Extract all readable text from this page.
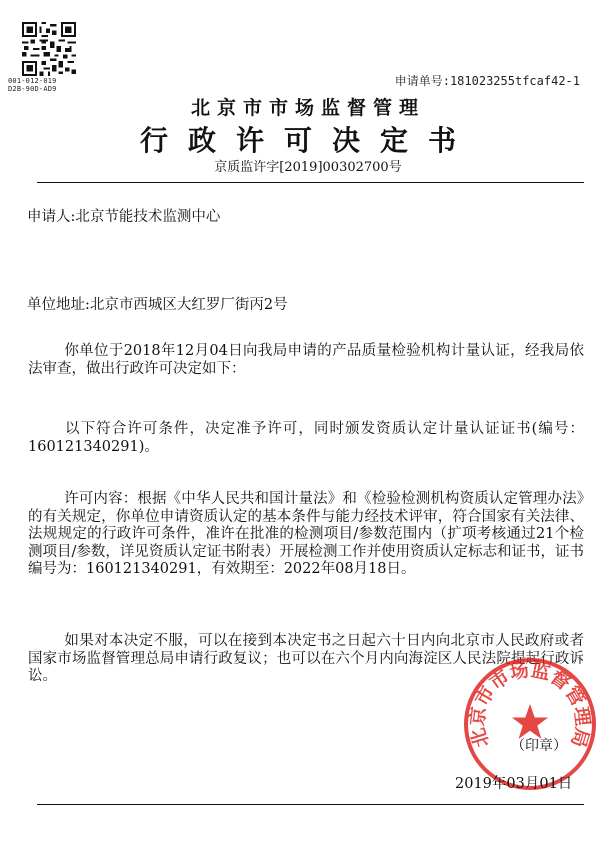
001-012-019
D2B-90D-AD9
申请单号:181023255tfcaf42-1
北京市市场监督管理
行政许可决定书
京质监许字[2019]00302700号
申请人:北京节能技术监测中心
单位地址:北京市西城区大红罗厂街丙2号
你单位于2018年12月04日向我局申请的产品质量检验机构计量认证，经我局依法审查，做出行政许可决定如下：
以下符合许可条件，决定准予许可，同时颁发资质认定计量认证证书(编号：160121340291)。
许可内容：根据《中华人民共和国计量法》和《检验检测机构资质认定管理办法》的有关规定，你单位申请资质认定的基本条件与能力经技术评审，符合国家有关法律、法规规定的行政许可条件，准许在批准的检测项目/参数范围内（扩项考核通过21个检测项目/参数，详见资质认定证书附表）开展检测工作并使用资质认定标志和证书，证书编号为：160121340291，有效期至：2022年08月18日。
如果对本决定不服，可以在接到本决定书之日起六十日内向北京市人民政府或者国家市场监督管理总局申请行政复议；也可以在六个月内向海淀区人民法院提起行政诉讼。
北京市市场监督管理局
（印章）
2019年03月01日
